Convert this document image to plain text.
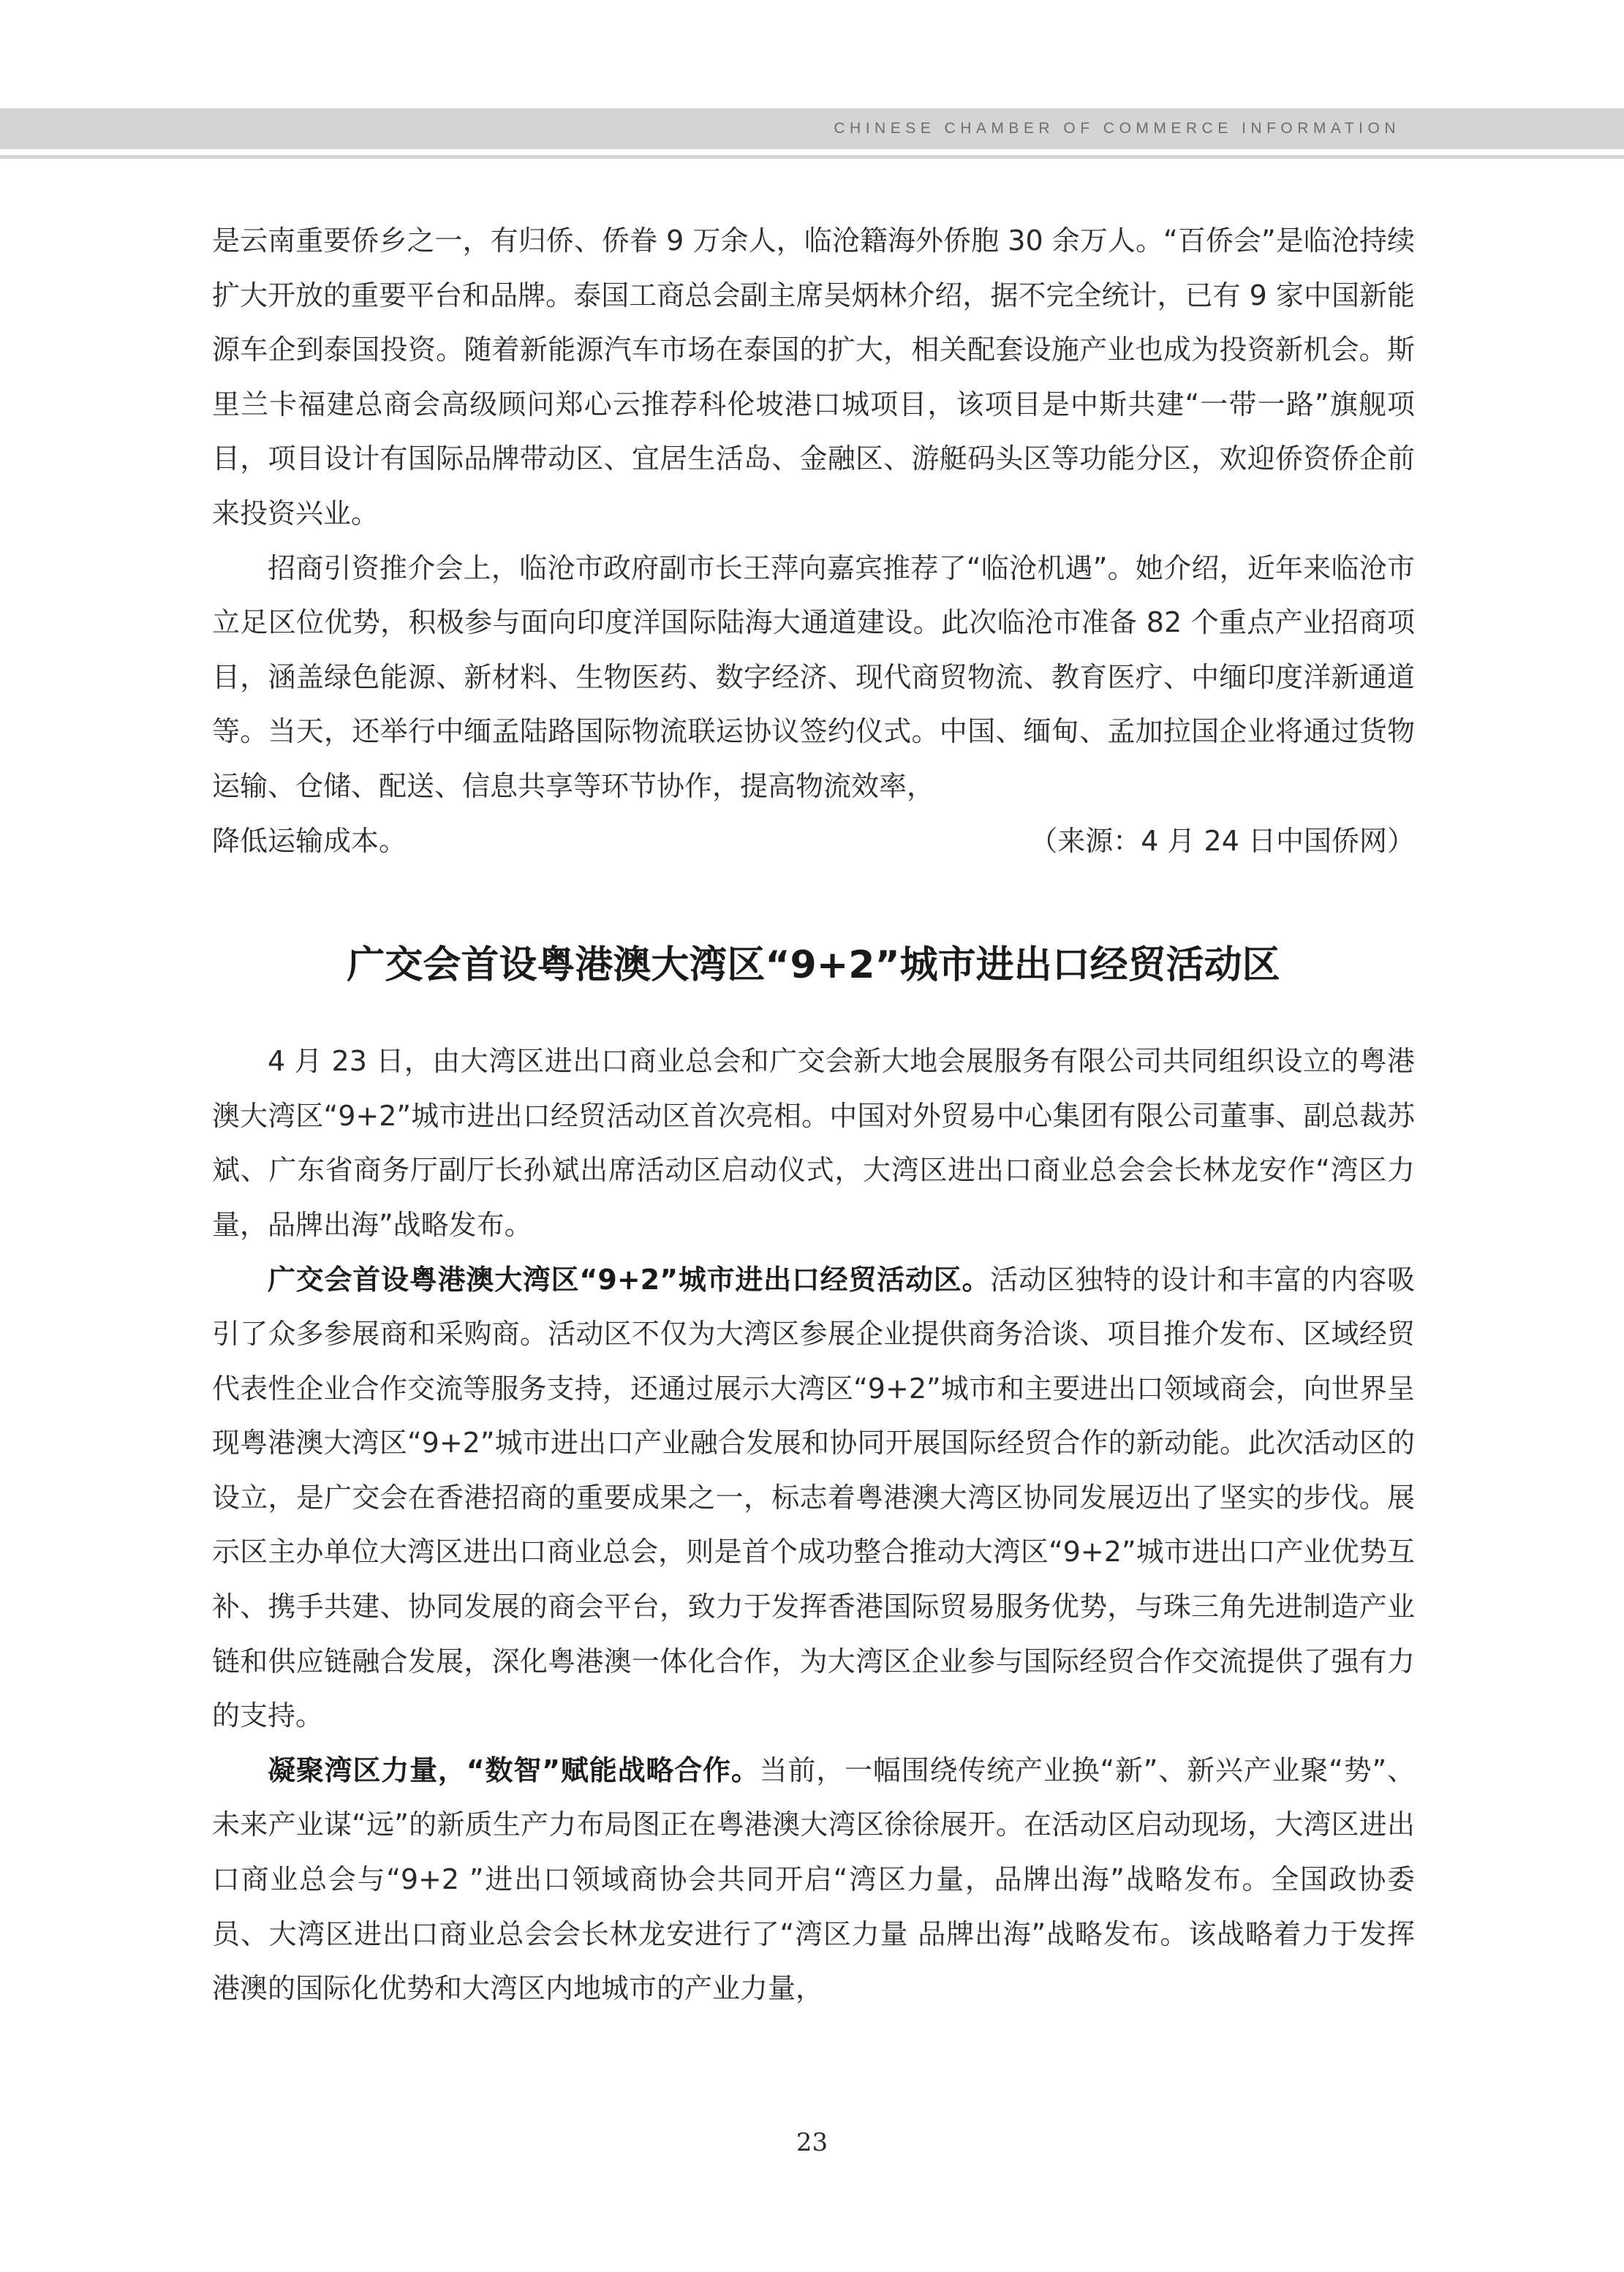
CHINESE CHAMBER OF COMMERCE INFORMATION

是云南重要侨乡之一，有归侨、侨眷 9 万余人，临沧籍海外侨胞 30 余万人。“百侨会”是临沧持续扩大开放的重要平台和品牌。泰国工商总会副主席吴炳林介绍，据不完全统计，已有 9 家中国新能源车企到泰国投资。随着新能源汽车市场在泰国的扩大，相关配套设施产业也成为投资新机会。斯里兰卡福建总商会高级顾问郑心云推荐科伦坡港口城项目，该项目是中斯共建“一带一路”旗舰项目，项目设计有国际品牌带动区、宜居生活岛、金融区、游艇码头区等功能分区，欢迎侨资侨企前来投资兴业。

招商引资推介会上，临沧市政府副市长王萍向嘉宾推荐了“临沧机遇”。她介绍，近年来临沧市立足区位优势，积极参与面向印度洋国际陆海大通道建设。此次临沧市准备 82 个重点产业招商项目，涵盖绿色能源、新材料、生物医药、数字经济、现代商贸物流、教育医疗、中缅印度洋新通道等。当天，还举行中缅孟陆路国际物流联运协议签约仪式。中国、缅甸、孟加拉国企业将通过货物运输、仓储、配送、信息共享等环节协作，提高物流效率，

降低运输成本。	（来源：4 月 24 日中国侨网）
广交会首设粤港澳大湾区“9+2”城市进出口经贸活动区

4 月 23 日，由大湾区进出口商业总会和广交会新大地会展服务有限公司共同组织设立的粤港澳大湾区“9+2”城市进出口经贸活动区首次亮相。中国对外贸易中心集团有限公司董事、副总裁苏斌、广东省商务厅副厅长孙斌出席活动区启动仪式，大湾区进出口商业总会会长林龙安作“湾区力量，品牌出海”战略发布。

广交会首设粤港澳大湾区“9+2”城市进出口经贸活动区。活动区独特的设计和丰富的内容吸引了众多参展商和采购商。活动区不仅为大湾区参展企业提供商务洽谈、项目推介发布、区域经贸代表性企业合作交流等服务支持，还通过展示大湾区“9+2”城市和主要进出口领域商会，向世界呈现粤港澳大湾区“9+2”城市进出口产业融合发展和协同开展国际经贸合作的新动能。此次活动区的设立，是广交会在香港招商的重要成果之一，标志着粤港澳大湾区协同发展迈出了坚实的步伐。展示区主办单位大湾区进出口商业总会，则是首个成功整合推动大湾区“9+2”城市进出口产业优势互补、携手共建、协同发展的商会平台，致力于发挥香港国际贸易服务优势，与珠三角先进制造产业链和供应链融合发展，深化粤港澳一体化合作，为大湾区企业参与国际经贸合作交流提供了强有力的支持。

凝聚湾区力量，“数智”赋能战略合作。当前，一幅围绕传统产业换“新”、新兴产业聚“势”、未来产业谋“远”的新质生产力布局图正在粤港澳大湾区徐徐展开。在活动区启动现场，大湾区进出口商业总会与“9+2 ”进出口领域商协会共同开启“湾区力量，品牌出海”战略发布。全国政协委员、大湾区进出口商业总会会长林龙安进行了“湾区力量 品牌出海”战略发布。该战略着力于发挥港澳的国际化优势和大湾区内地城市的产业力量，

23
